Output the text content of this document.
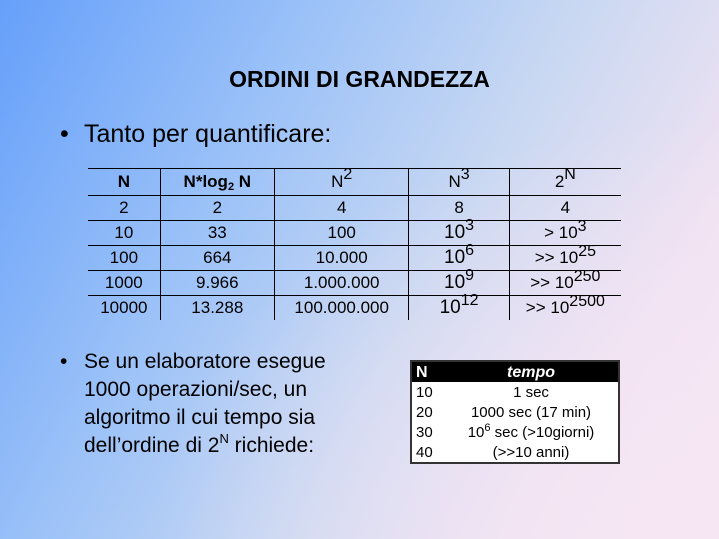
ORDINI DI GRANDEZZA
• Tanto per quantificare:
N	$N*\log_2$ N	$N^2$	$N^3$	$2^N$
2	2	4	8	4
10	33	100	$10^3$	> $10^3$
100	664	10.000	$10^6$	>> $10^{25}$
1000	9.966	1.000.000	$10^9$	>> $10^{250}$
10000	13.288	100.000.000	$10^{12}$	>> $10^{2500}$
• Se un elaboratore esegue
1000 operazioni/sec, un
algoritmo il cui tempo sia
dell’ordine di $2^N$ richiede:
N	tempo
10	1 sec
20	1000 sec (17 min)
30	$10^6$ sec (>10giorni)
40	(>>10 anni)
